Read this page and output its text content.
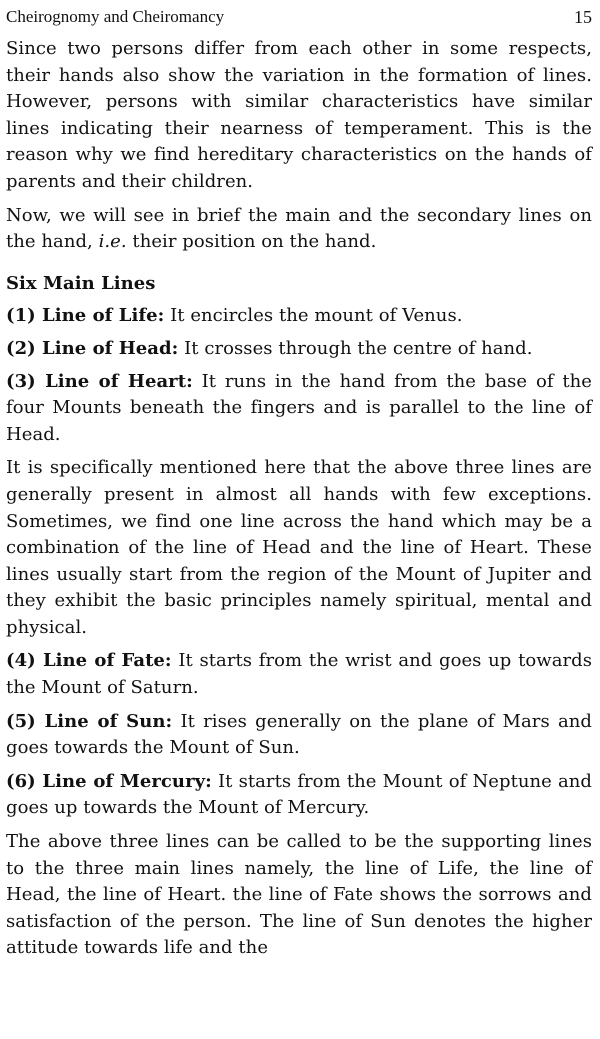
Cheirognomy and Cheiromancy	15

Since two persons differ from each other in some respects, their hands also show the variation in the formation of lines. However, persons with similar characteristics have similar lines indicating their nearness of temperament. This is the reason why we find hereditary characteristics on the hands of parents and their children.

Now, we will see in brief the main and the secondary lines on the hand, i.e. their position on the hand.

Six Main Lines

(1) Line of Life: It encircles the mount of Venus.

(2) Line of Head: It crosses through the centre of hand.

(3) Line of Heart: It runs in the hand from the base of the four Mounts beneath the fingers and is parallel to the line of Head.

It is specifically mentioned here that the above three lines are generally present in almost all hands with few exceptions. Sometimes, we find one line across the hand which may be a combination of the line of Head and the line of Heart. These lines usually start from the region of the Mount of Jupiter and they exhibit the basic principles namely spiritual, mental and physical.

(4) Line of Fate: It starts from the wrist and goes up towards the Mount of Saturn.

(5) Line of Sun: It rises generally on the plane of Mars and goes towards the Mount of Sun.

(6) Line of Mercury: It starts from the Mount of Neptune and goes up towards the Mount of Mercury.

The above three lines can be called to be the supporting lines to the three main lines namely, the line of Life, the line of Head, the line of Heart. the line of Fate shows the sorrows and satisfaction of the person. The line of Sun denotes the higher attitude towards life and the
